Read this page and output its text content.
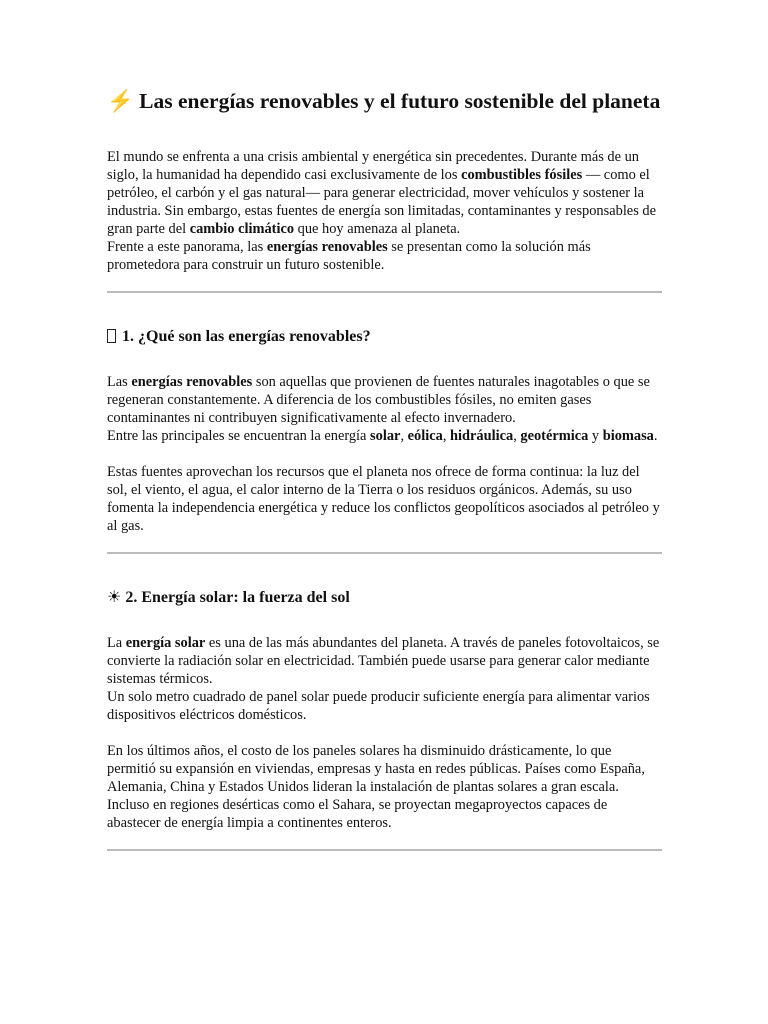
⚡ Las energías renovables y el futuro sostenible del planeta

El mundo se enfrenta a una crisis ambiental y energética sin precedentes. Durante más de un siglo, la humanidad ha dependido casi exclusivamente de los combustibles fósiles — como el petróleo, el carbón y el gas natural— para generar electricidad, mover vehículos y sostener la industria. Sin embargo, estas fuentes de energía son limitadas, contaminantes y responsables de gran parte del cambio climático que hoy amenaza al planeta.

Frente a este panorama, las energías renovables se presentan como la solución más prometedora para construir un futuro sostenible.

1. ¿Qué son las energías renovables?

Las energías renovables son aquellas que provienen de fuentes naturales inagotables o que se regeneran constantemente. A diferencia de los combustibles fósiles, no emiten gases contaminantes ni contribuyen significativamente al efecto invernadero.

Entre las principales se encuentran la energía solar, eólica, hidráulica, geotérmica y biomasa.

Estas fuentes aprovechan los recursos que el planeta nos ofrece de forma continua: la luz del sol, el viento, el agua, el calor interno de la Tierra o los residuos orgánicos. Además, su uso fomenta la independencia energética y reduce los conflictos geopolíticos asociados al petróleo y al gas.

☀ 2. Energía solar: la fuerza del sol

La energía solar es una de las más abundantes del planeta. A través de paneles fotovoltaicos, se convierte la radiación solar en electricidad. También puede usarse para generar calor mediante sistemas térmicos.

Un solo metro cuadrado de panel solar puede producir suficiente energía para alimentar varios dispositivos eléctricos domésticos.

En los últimos años, el costo de los paneles solares ha disminuido drásticamente, lo que permitió su expansión en viviendas, empresas y hasta en redes públicas. Países como España, Alemania, China y Estados Unidos lideran la instalación de plantas solares a gran escala.

Incluso en regiones desérticas como el Sahara, se proyectan megaproyectos capaces de abastecer de energía limpia a continentes enteros.
